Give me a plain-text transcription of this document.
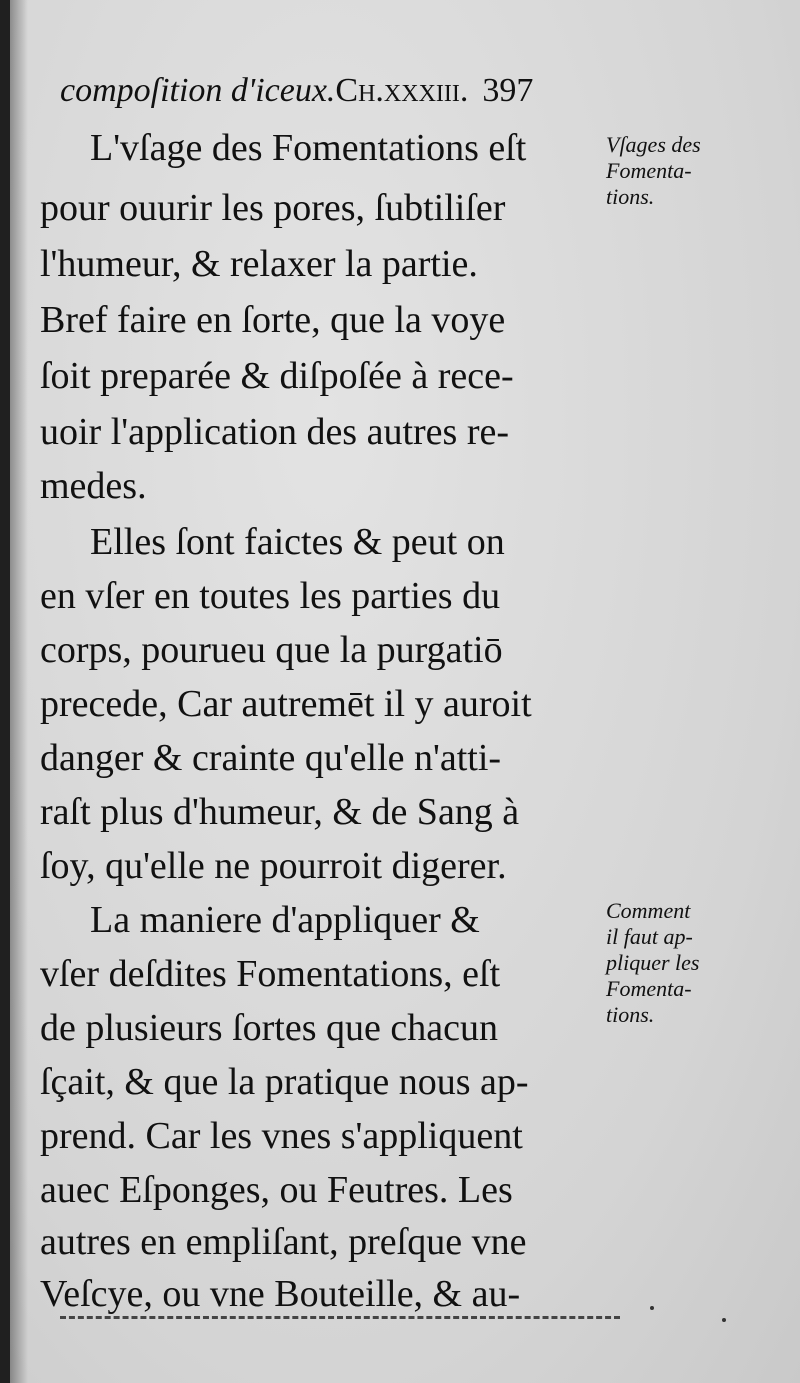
compoſition d'iceux.Ch.xxxiii. 397
L'vſage des Fomentations eſt
pour ouurir les pores, ſubtiliſer
l'humeur, & relaxer la partie.
Bref faire en ſorte, que la voye
ſoit preparée & diſpoſée à rece-
uoir l'application des autres re-
medes.
Elles ſont faictes & peut on
en vſer en toutes les parties du
corps, pourueu que la purgatiō
precede, Car autremēt il y auroit
danger & crainte qu'elle n'atti-
raſt plus d'humeur, & de Sang à
ſoy, qu'elle ne pourroit digerer.
La maniere d'appliquer &
vſer deſdites Fomentations, eſt
de plusieurs ſortes que chacun
ſçait, & que la pratique nous ap-
prend. Car les vnes s'appliquent
auec Eſponges, ou Feutres. Les
autres en empliſant, preſque vne
Veſcye, ou vne Bouteille, & au-
Vſages des
Fomenta-
tions.
Comment
il faut ap-
pliquer les
Fomenta-
tions.
